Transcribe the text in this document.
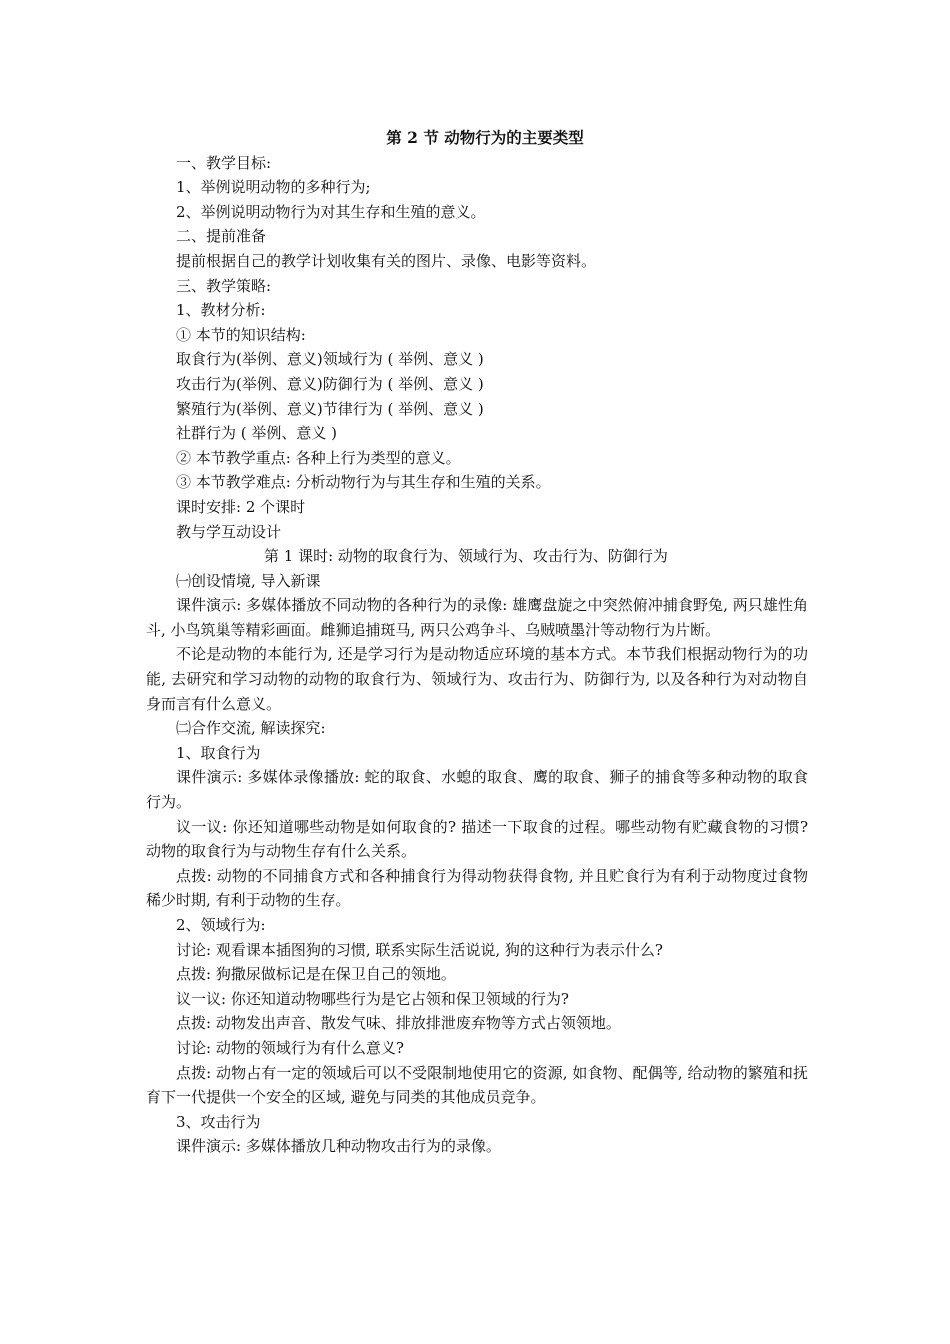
第 2 节 动物行为的主要类型
一、教学目标:
1、举例说明动物的多种行为;
2、举例说明动物行为对其生存和生殖的意义。
二、提前准备
提前根据自己的教学计划收集有关的图片、录像、电影等资料。
三、教学策略:
1、教材分析:
① 本节的知识结构:
取食行为(举例、意义)领域行为 ( 举例、意义 )
攻击行为(举例、意义)防御行为 ( 举例、意义 )
繁殖行为(举例、意义)节律行为 ( 举例、意义 )
社群行为 ( 举例、意义 )
② 本节教学重点: 各种上行为类型的意义。
③ 本节教学难点: 分析动物行为与其生存和生殖的关系。
课时安排: 2 个课时
教与学互动设计
第 1 课时: 动物的取食行为、领域行为、攻击行为、防御行为
㈠创设情境, 导入新课
课件演示: 多媒体播放不同动物的各种行为的录像: 雄鹰盘旋之中突然俯冲捕食野兔, 两只雄性角斗, 小鸟筑巢等精彩画面。雌狮追捕斑马, 两只公鸡争斗、乌贼喷墨汁等动物行为片断。
不论是动物的本能行为, 还是学习行为是动物适应环境的基本方式。本节我们根据动物行为的功能, 去研究和学习动物的动物的取食行为、领域行为、攻击行为、防御行为, 以及各种行为对动物自身而言有什么意义。
㈡合作交流, 解读探究:
1、取食行为
课件演示: 多媒体录像播放: 蛇的取食、水螅的取食、鹰的取食、狮子的捕食等多种动物的取食行为。
议一议: 你还知道哪些动物是如何取食的? 描述一下取食的过程。哪些动物有贮藏食物的习惯? 动物的取食行为与动物生存有什么关系。
点拨: 动物的不同捕食方式和各种捕食行为得动物获得食物, 并且贮食行为有利于动物度过食物稀少时期, 有利于动物的生存。
2、领域行为:
讨论: 观看课本插图狗的习惯, 联系实际生活说说, 狗的这种行为表示什么?
点拨: 狗撒尿做标记是在保卫自己的领地。
议一议: 你还知道动物哪些行为是它占领和保卫领域的行为?
点拨: 动物发出声音、散发气味、排放排泄废弃物等方式占领领地。
讨论: 动物的领域行为有什么意义?
点拨: 动物占有一定的领域后可以不受限制地使用它的资源, 如食物、配偶等, 给动物的繁殖和抚育下一代提供一个安全的区域, 避免与同类的其他成员竞争。
3、攻击行为
课件演示: 多媒体播放几种动物攻击行为的录像。
